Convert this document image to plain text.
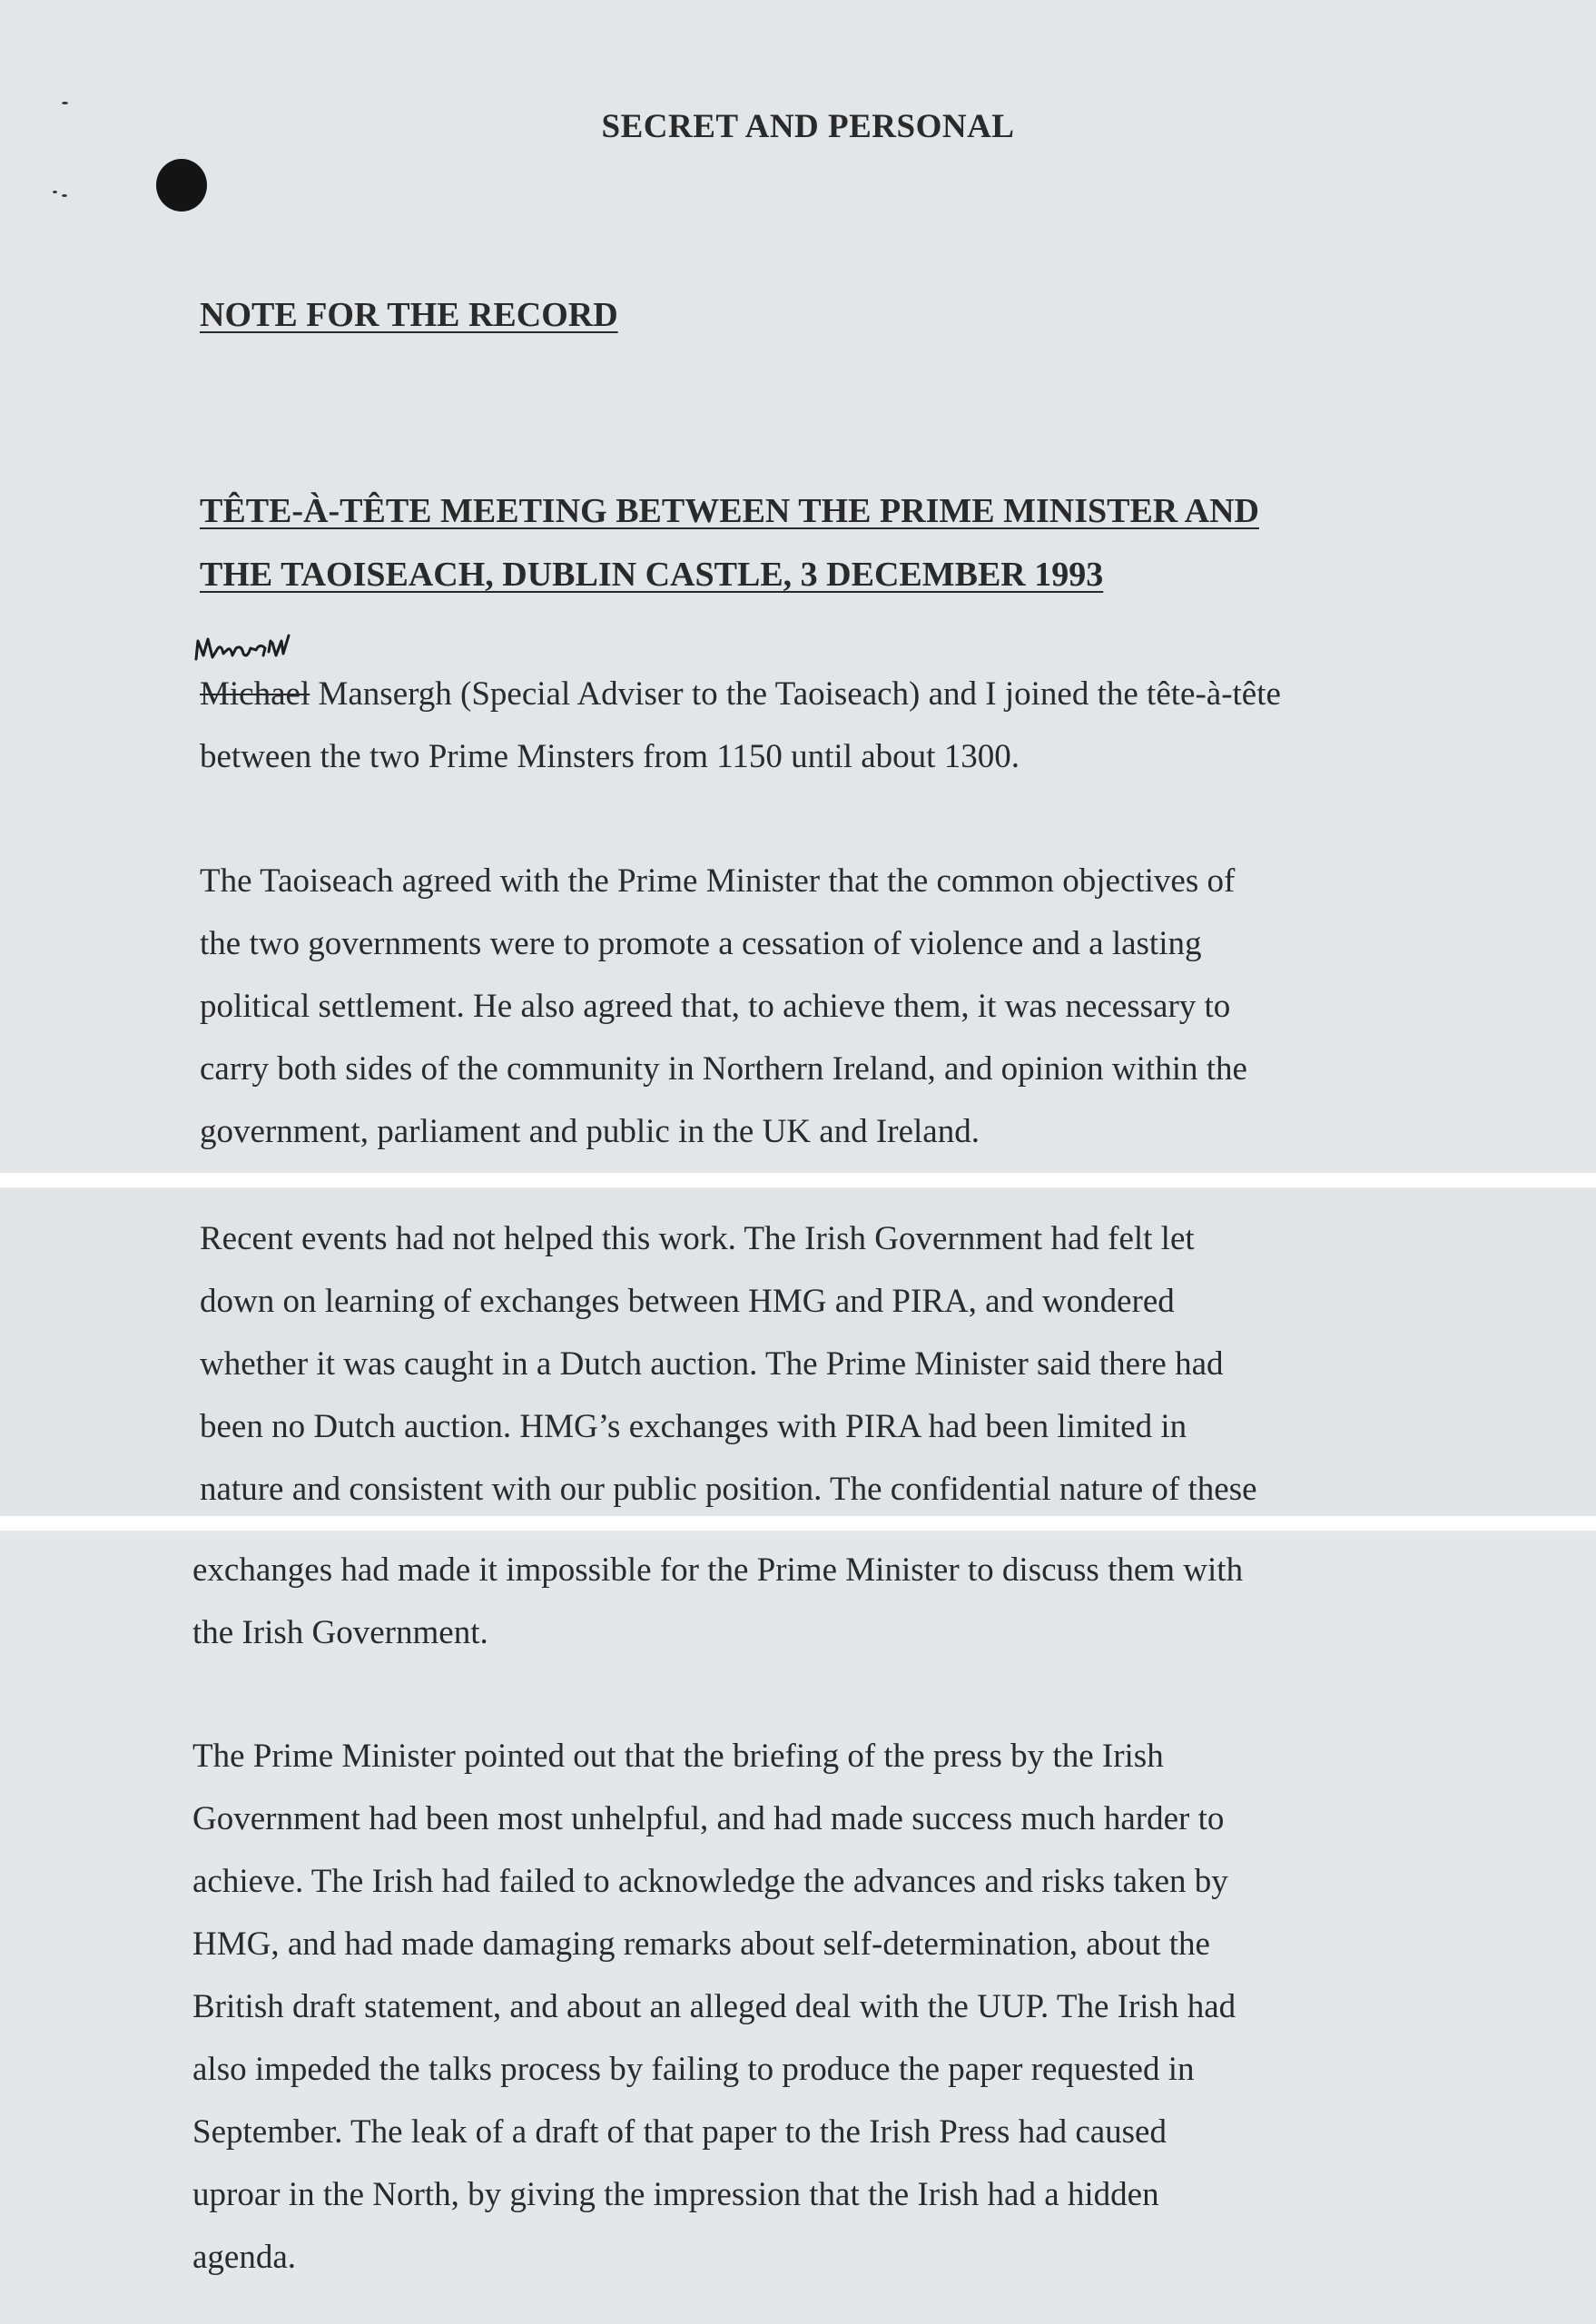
SECRET AND PERSONAL
NOTE FOR THE RECORD
TÊTE-À-TÊTE MEETING BETWEEN THE PRIME MINISTER AND
THE TAOISEACH, DUBLIN CASTLE, 3 DECEMBER 1993
Michael Mansergh (Special Adviser to the Taoiseach) and I joined the tête-à-tête
between the two Prime Minsters from 1150 until about 1300.
The Taoiseach agreed with the Prime Minister that the common objectives of
the two governments were to promote a cessation of violence and a lasting
political settlement. He also agreed that, to achieve them, it was necessary to
carry both sides of the community in Northern Ireland, and opinion within the
government, parliament and public in the UK and Ireland.
Recent events had not helped this work. The Irish Government had felt let
down on learning of exchanges between HMG and PIRA, and wondered
whether it was caught in a Dutch auction. The Prime Minister said there had
been no Dutch auction. HMG’s exchanges with PIRA had been limited in
nature and consistent with our public position. The confidential nature of these
exchanges had made it impossible for the Prime Minister to discuss them with
the Irish Government.
The Prime Minister pointed out that the briefing of the press by the Irish
Government had been most unhelpful, and had made success much harder to
achieve. The Irish had failed to acknowledge the advances and risks taken by
HMG, and had made damaging remarks about self-determination, about the
British draft statement, and about an alleged deal with the UUP. The Irish had
also impeded the talks process by failing to produce the paper requested in
September. The leak of a draft of that paper to the Irish Press had caused
uproar in the North, by giving the impression that the Irish had a hidden
agenda.
